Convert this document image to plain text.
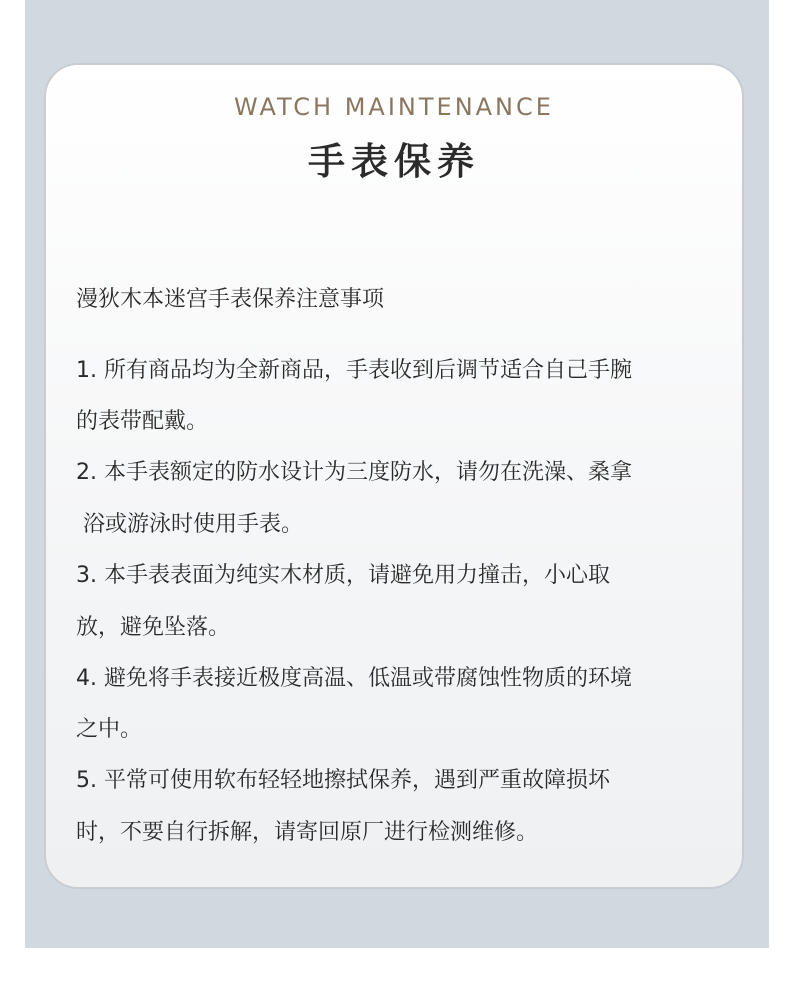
WATCH MAINTENANCE
手表保养
漫狄木本迷宫手表保养注意事项
1. 所有商品均为全新商品，手表收到后调节适合自己手腕
的表带配戴。
2. 本手表额定的防水设计为三度防水，请勿在洗澡、桑拿
浴或游泳时使用手表。
3. 本手表表面为纯实木材质，请避免用力撞击，小心取
放，避免坠落。
4. 避免将手表接近极度高温、低温或带腐蚀性物质的环境
之中。
5. 平常可使用软布轻轻地擦拭保养，遇到严重故障损坏
时，不要自行拆解，请寄回原厂进行检测维修。
